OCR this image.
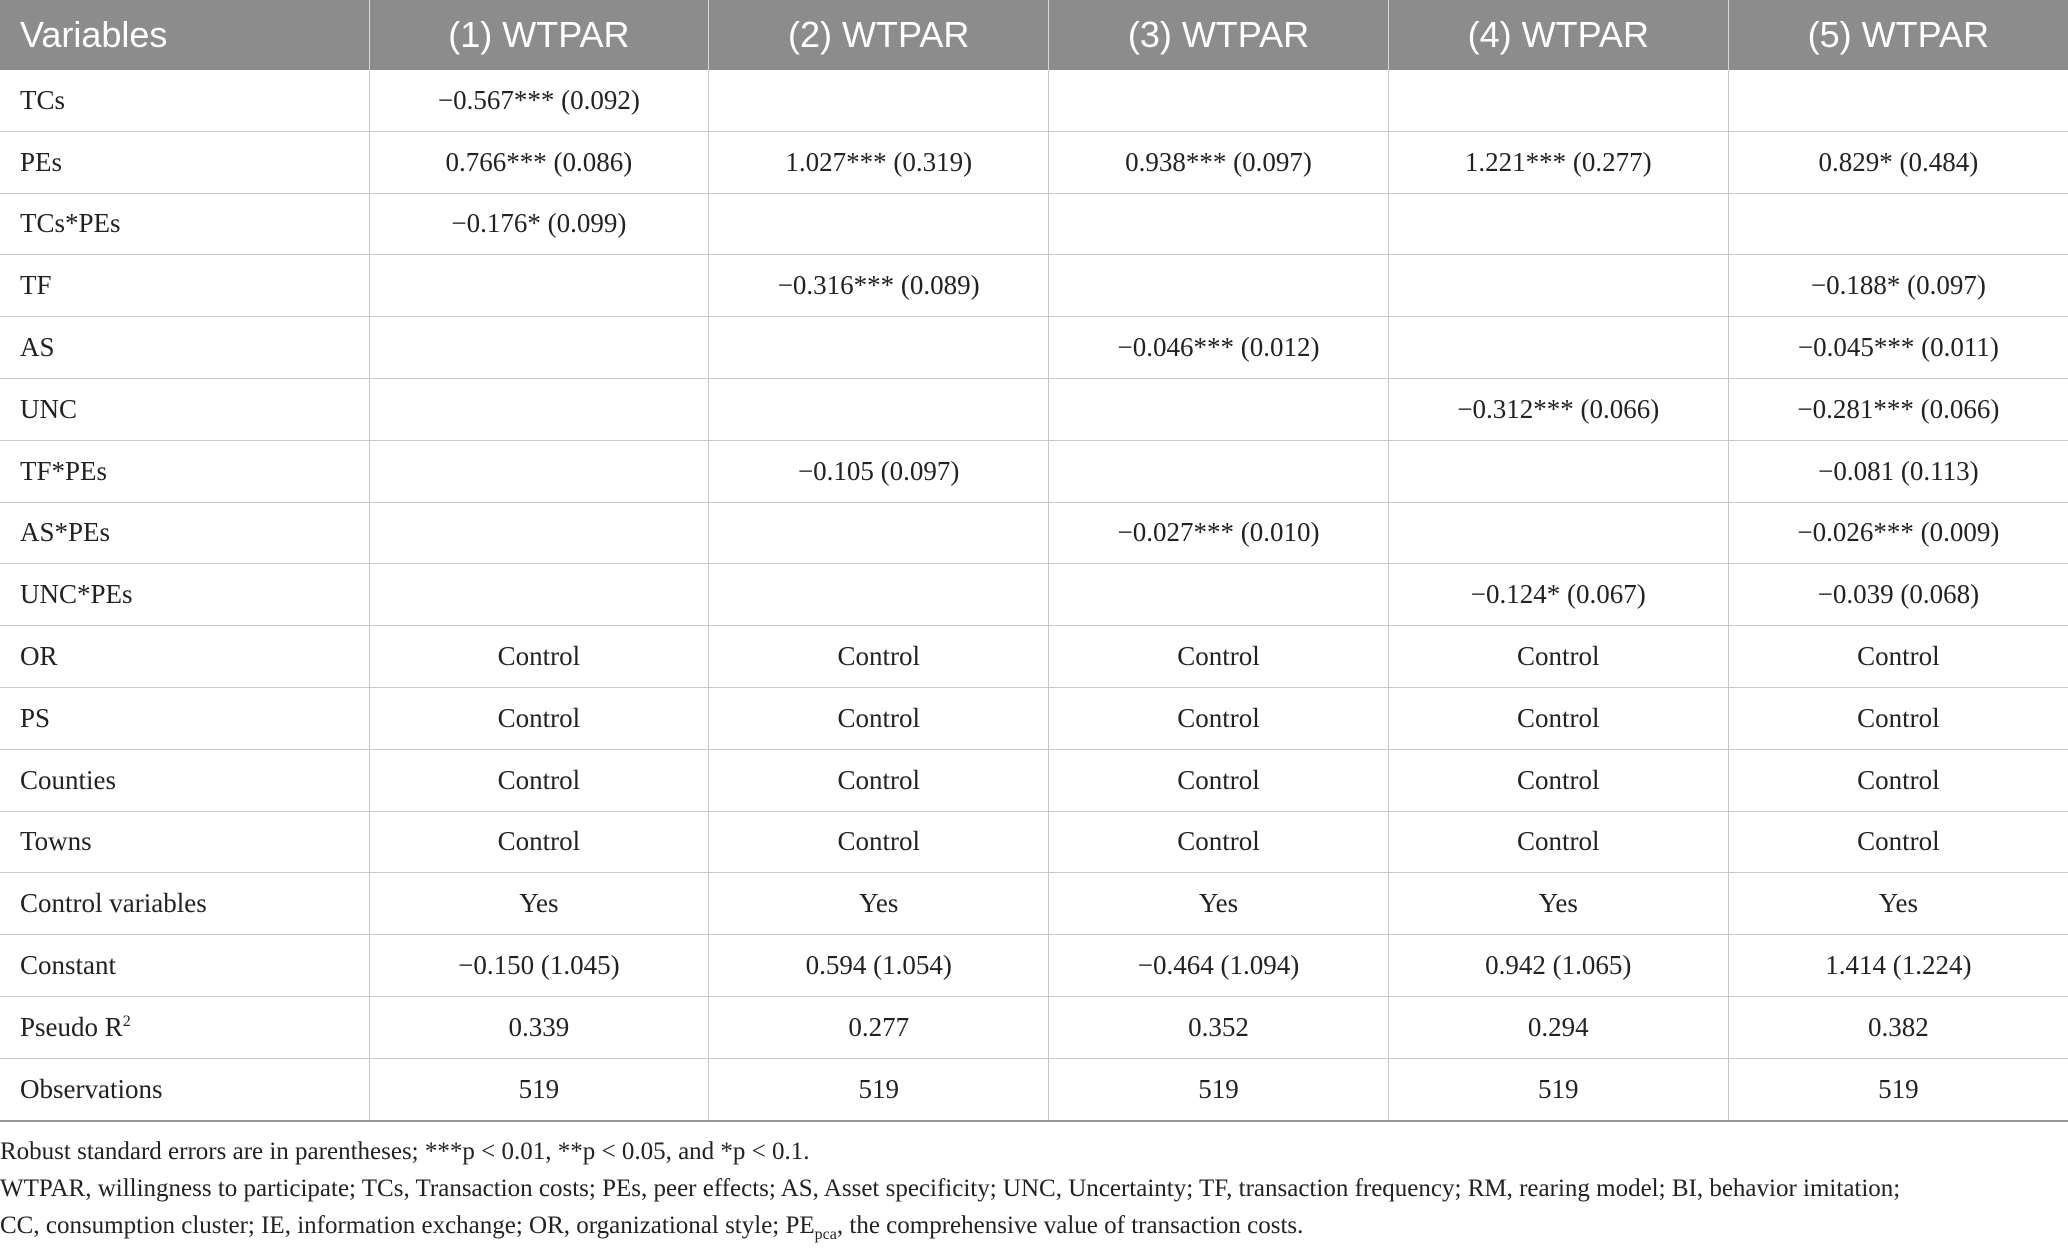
Variables	(1) WTPAR	(2) WTPAR	(3) WTPAR	(4) WTPAR	(5) WTPAR
TCs	−0.567*** (0.092)				
PEs	0.766*** (0.086)	1.027*** (0.319)	0.938*** (0.097)	1.221*** (0.277)	0.829* (0.484)
TCs*PEs	−0.176* (0.099)				
TF		−0.316*** (0.089)			−0.188* (0.097)
AS			−0.046*** (0.012)		−0.045*** (0.011)
UNC				−0.312*** (0.066)	−0.281*** (0.066)
TF*PEs		−0.105 (0.097)			−0.081 (0.113)
AS*PEs			−0.027*** (0.010)		−0.026*** (0.009)
UNC*PEs				−0.124* (0.067)	−0.039 (0.068)
OR	Control	Control	Control	Control	Control
PS	Control	Control	Control	Control	Control
Counties	Control	Control	Control	Control	Control
Towns	Control	Control	Control	Control	Control
Control variables	Yes	Yes	Yes	Yes	Yes
Constant	−0.150 (1.045)	0.594 (1.054)	−0.464 (1.094)	0.942 (1.065)	1.414 (1.224)
Pseudo $R^2$	0.339	0.277	0.352	0.294	0.382
Observations	519	519	519	519	519

Robust standard errors are in parentheses; ***p < 0.01, **p < 0.05, and *p < 0.1.

WTPAR, willingness to participate; TCs, Transaction costs; PEs, peer effects; AS, Asset specificity; UNC, Uncertainty; TF, transaction frequency; RM, rearing model; BI, behavior imitation;

CC, consumption cluster; IE, information exchange; OR, organizational style; $PE_{pca}$, the comprehensive value of transaction costs.
